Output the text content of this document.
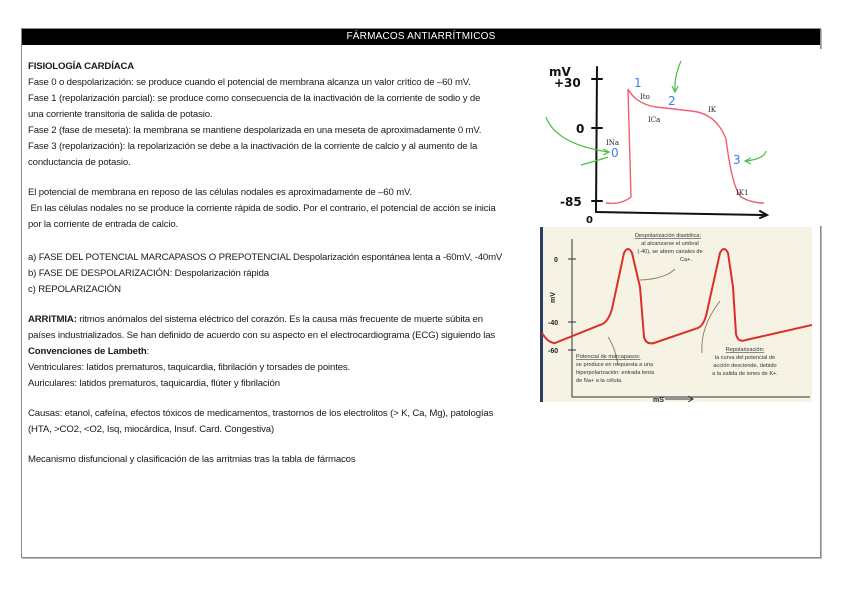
FÁRMACOS ANTIARRÍTMICOS

FISIOLOGÍA CARDÍACA

Fase 0 o despolarización: se produce cuando el potencial de membrana alcanza un valor crítico de –60 mV.

Fase 1 (repolarización parcial): se produce como consecuencia de la inactivación de la corriente de sodio y de

una corriente transitoria de salida de potasio.

Fase 2 (fase de meseta): la membrana se mantiene despolarizada en una meseta de aproximadamente 0 mV.

Fase 3 (repolarización): la repolarización se debe a la inactivación de la corriente de calcio y al aumento de la

conductancia de potasio.

El potencial de membrana en reposo de las células nodales es aproximadamente de –60 mV.

En las células nodales no se produce la corriente rápida de sodio. Por el contrario, el potencial de acción se inicia

por la corriente de entrada de calcio.

a) FASE DEL POTENCIAL MARCAPASOS O PREPOTENCIAL Despolarización espontánea lenta a -60mV, -40mV

b) FASE DE DESPOLARIZACIÓN: Despolarización rápida

c) REPOLARIZACIÓN

ARRITMIA: ritmos anómalos del sistema eléctrico del corazón. Es la causa más frecuente de muerte súbita en

países industrializados. Se han definido de acuerdo con su aspecto en el electrocardiograma (ECG) siguiendo las

Convenciones de Lambeth:

Ventriculares: latidos prematuros, taquicardia, fibrilación y torsades de pointes.

Auriculares: latidos prematuros, taquicardia, flúter y fibrilación

Causas: etanol, cafeína, efectos tóxicos de medicamentos, trastornos de los electrolitos (> K, Ca, Mg), patologías

(HTA, >CO2, <O2, Isq, miocárdica, Insuf. Card. Congestiva)

Mecanismo disfuncional y clasificación de las arritmias tras la tabla de fármacos

mV
+30
0
-85
0
0
1
2
3
INa
Ito
ICa
IK
IK1
0
-40
-60
mV
mS
Despolarización diastólica:
al alcanzarse el umbral
(-40), se abren canales de
Ca+.
Potencial de marcapasos:
se produce en respuesta a una
hiperpolarización: entrada lenta
de Na+ a la célula.
Repolarización:
la curva del potencial de
acción desciende, debido
a la salida de iones de K+.
